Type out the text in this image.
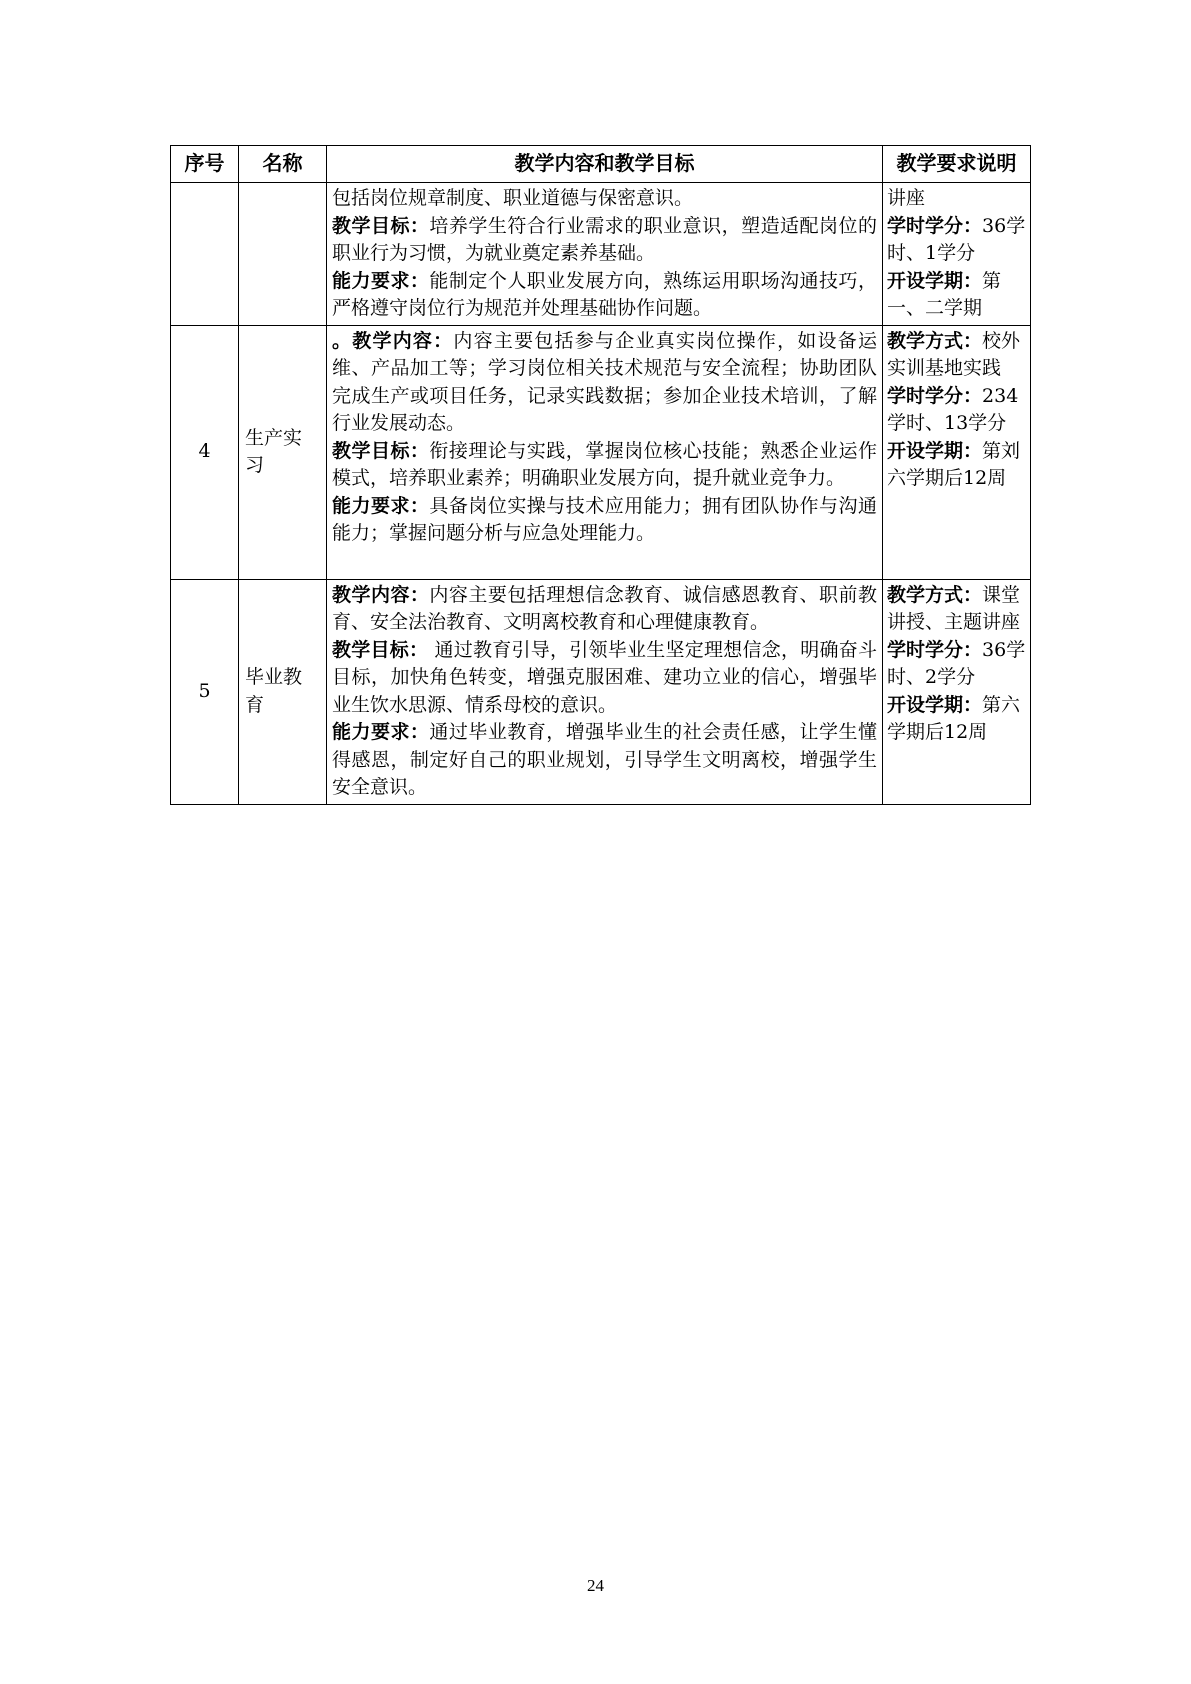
序号	名称	教学内容和教学目标	教学要求说明

		包括岗位规章制度、职业道德与保密意识。
教学目标：培养学生符合行业需求的职业意识，塑造适配岗位的职业行为习惯，为就业奠定素养基础。
能力要求：能制定个人职业发展方向，熟练运用职场沟通技巧，严格遵守岗位行为规范并处理基础协作问题。	讲座
学时学分：36学时、1学分
开设学期：第一、二学期

4	生产实习	。教学内容：内容主要包括参与企业真实岗位操作，如设备运维、产品加工等；学习岗位相关技术规范与安全流程；协助团队完成生产或项目任务，记录实践数据；参加企业技术培训，了解行业发展动态。
教学目标：衔接理论与实践，掌握岗位核心技能；熟悉企业运作模式，培养职业素养；明确职业发展方向，提升就业竞争力。
能力要求：具备岗位实操与技术应用能力；拥有团队协作与沟通能力；掌握问题分析与应急处理能力。	教学方式：校外实训基地实践
学时学分：234学时、13学分
开设学期：第刘六学期后12周

5	毕业教育	教学内容：内容主要包括理想信念教育、诚信感恩教育、职前教育、安全法治教育、文明离校教育和心理健康教育。
教学目标： 通过教育引导，引领毕业生坚定理想信念，明确奋斗目标，加快角色转变，增强克服困难、建功立业的信心，增强毕业生饮水思源、情系母校的意识。
能力要求：通过毕业教育，增强毕业生的社会责任感，让学生懂得感恩，制定好自己的职业规划，引导学生文明离校，增强学生安全意识。	教学方式：课堂讲授、主题讲座
学时学分：36学时、2学分
开设学期：第六学期后12周
24
